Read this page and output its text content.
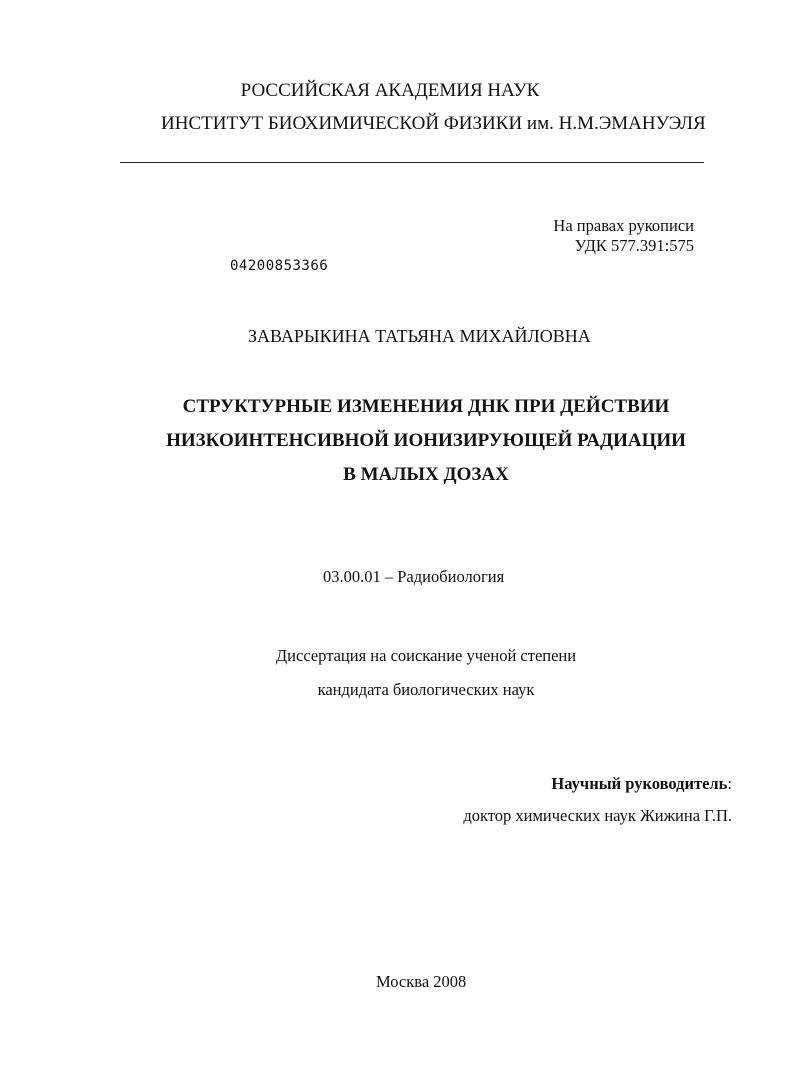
РОССИЙСКАЯ АКАДЕМИЯ НАУК
ИНСТИТУТ БИОХИМИЧЕСКОЙ ФИЗИКИ им. Н.М.ЭМАНУЭЛЯ
На правах рукописи
УДК 577.391:575
04200853366
ЗАВАРЫКИНА ТАТЬЯНА МИХАЙЛОВНА
СТРУКТУРНЫЕ ИЗМЕНЕНИЯ ДНК ПРИ ДЕЙСТВИИ
НИЗКОИНТЕНСИВНОЙ ИОНИЗИРУЮЩЕЙ РАДИАЦИИ
В МАЛЫХ ДОЗАХ
03.00.01 – Радиобиология
Диссертация на соискание ученой степени
кандидата биологических наук
Научный руководитель:
доктор химических наук Жижина Г.П.
Москва 2008
